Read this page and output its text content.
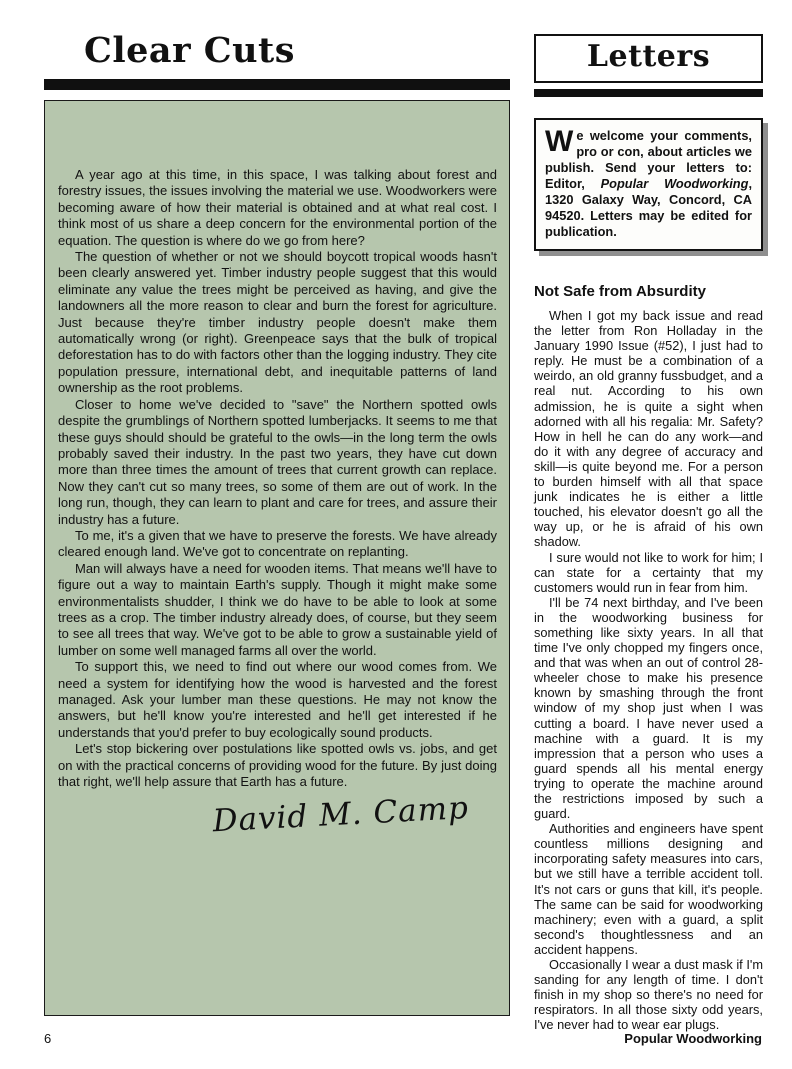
Clear Cuts

A year ago at this time, in this space, I was talking about forest and forestry issues, the issues involving the material we use. Woodworkers were becoming aware of how their material is obtained and at what real cost. I think most of us share a deep concern for the environmental portion of the equation. The question is where do we go from here?

The question of whether or not we should boycott tropical woods hasn't been clearly answered yet. Timber industry people suggest that this would eliminate any value the trees might be perceived as having, and give the landowners all the more reason to clear and burn the forest for agriculture. Just because they're timber industry people doesn't make them automatically wrong (or right). Greenpeace says that the bulk of tropical deforestation has to do with factors other than the logging industry. They cite population pressure, international debt, and inequitable patterns of land ownership as the root problems.

Closer to home we've decided to "save" the Northern spotted owls despite the grumblings of Northern spotted lumberjacks. It seems to me that these guys should should be grateful to the owls—in the long term the owls probably saved their industry. In the past two years, they have cut down more than three times the amount of trees that current growth can replace. Now they can't cut so many trees, so some of them are out of work. In the long run, though, they can learn to plant and care for trees, and assure their industry has a future.

To me, it's a given that we have to preserve the forests. We have already cleared enough land. We've got to concentrate on replanting.

Man will always have a need for wooden items. That means we'll have to figure out a way to maintain Earth's supply. Though it might make some environmentalists shudder, I think we do have to be able to look at some trees as a crop. The timber industry already does, of course, but they seem to see all trees that way. We've got to be able to grow a sustainable yield of lumber on some well managed farms all over the world.

To support this, we need to find out where our wood comes from. We need a system for identifying how the wood is harvested and the forest managed. Ask your lumber man these questions. He may not know the answers, but he'll know you're interested and he'll get interested if he understands that you'd prefer to buy ecologically sound products.

Let's stop bickering over postulations like spotted owls vs. jobs, and get on with the practical concerns of providing wood for the future. By just doing that right, we'll help assure that Earth has a future.

David M. Camp
Letters
We welcome your comments, pro or con, about articles we publish. Send your letters to: Editor, Popular Woodworking, 1320 Galaxy Way, Concord, CA 94520. Letters may be edited for publication.
Not Safe from Absurdity

When I got my back issue and read the letter from Ron Holladay in the January 1990 Issue (#52), I just had to reply. He must be a combination of a weirdo, an old granny fussbudget, and a real nut. According to his own admission, he is quite a sight when adorned with all his regalia: Mr. Safety? How in hell he can do any work—and do it with any degree of accuracy and skill—is quite beyond me. For a person to burden himself with all that space junk indicates he is either a little touched, his elevator doesn't go all the way up, or he is afraid of his own shadow.

I sure would not like to work for him; I can state for a certainty that my customers would run in fear from him.

I'll be 74 next birthday, and I've been in the woodworking business for something like sixty years. In all that time I've only chopped my fingers once, and that was when an out of control 28-wheeler chose to make his presence known by smashing through the front window of my shop just when I was cutting a board. I have never used a machine with a guard. It is my impression that a person who uses a guard spends all his mental energy trying to operate the machine around the restrictions imposed by such a guard.

Authorities and engineers have spent countless millions designing and incorporating safety measures into cars, but we still have a terrible accident toll. It's not cars or guns that kill, it's people. The same can be said for woodworking machinery; even with a guard, a split second's thoughtlessness and an accident happens.

Occasionally I wear a dust mask if I'm sanding for any length of time. I don't finish in my shop so there's no need for respirators. In all those sixty odd years, I've never had to wear ear plugs.

6	Popular Woodworking
